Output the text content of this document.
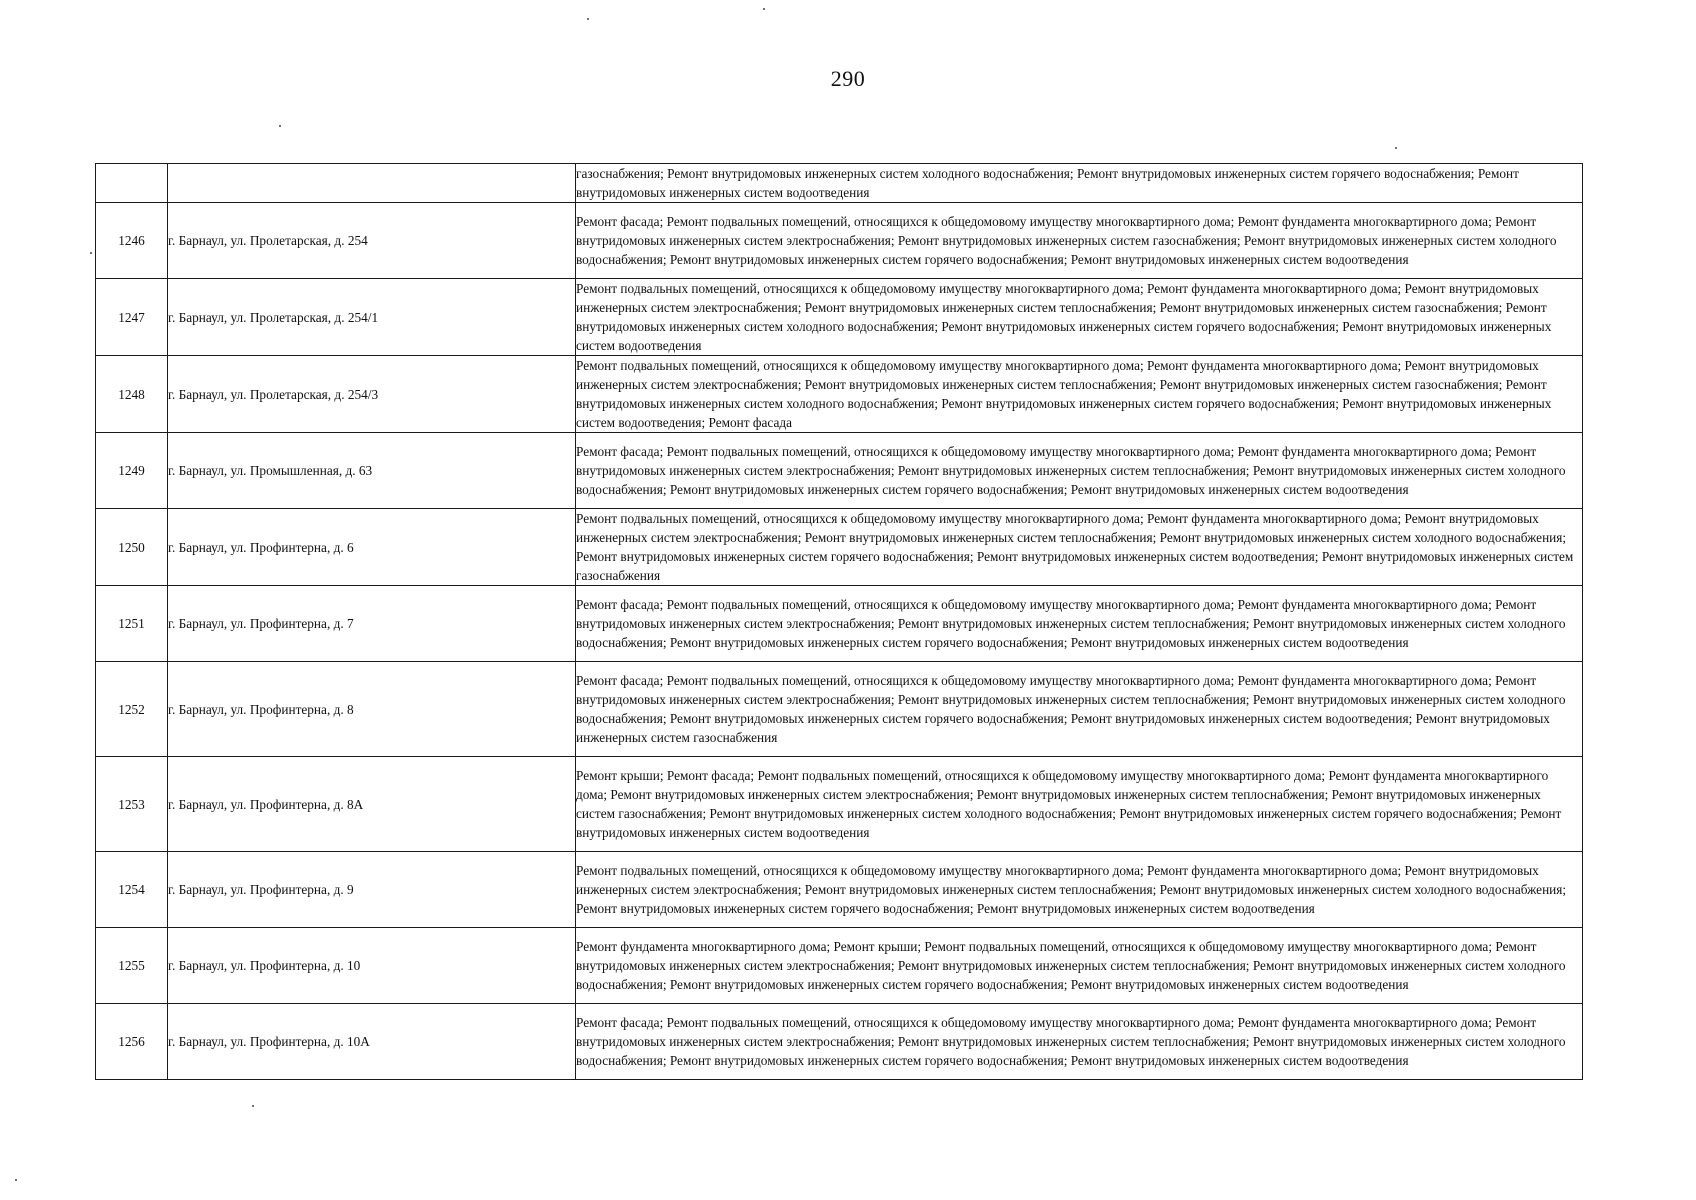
290
		газоснабжения; Ремонт внутридомовых инженерных систем холодного водоснабжения; Ремонт внутридомовых инженерных систем горячего водоснабжения; Ремонт внутридомовых инженерных систем водоотведения
1246	г. Барнаул, ул. Пролетарская, д. 254	Ремонт фасада; Ремонт подвальных помещений, относящихся к общедомовому имуществу многоквартирного дома; Ремонт фундамента многоквартирного дома; Ремонт внутридомовых инженерных систем электроснабжения; Ремонт внутридомовых инженерных систем газоснабжения; Ремонт внутридомовых инженерных систем холодного водоснабжения; Ремонт внутридомовых инженерных систем горячего водоснабжения; Ремонт внутридомовых инженерных систем водоотведения
1247	г. Барнаул, ул. Пролетарская, д. 254/1	Ремонт подвальных помещений, относящихся к общедомовому имуществу многоквартирного дома; Ремонт фундамента многоквартирного дома; Ремонт внутридомовых инженерных систем электроснабжения; Ремонт внутридомовых инженерных систем теплоснабжения; Ремонт внутридомовых инженерных систем газоснабжения; Ремонт внутридомовых инженерных систем холодного водоснабжения; Ремонт внутридомовых инженерных систем горячего водоснабжения; Ремонт внутридомовых инженерных систем водоотведения
1248	г. Барнаул, ул. Пролетарская, д. 254/3	Ремонт подвальных помещений, относящихся к общедомовому имуществу многоквартирного дома; Ремонт фундамента многоквартирного дома; Ремонт внутридомовых инженерных систем электроснабжения; Ремонт внутридомовых инженерных систем теплоснабжения; Ремонт внутридомовых инженерных систем газоснабжения; Ремонт внутридомовых инженерных систем холодного водоснабжения; Ремонт внутридомовых инженерных систем горячего водоснабжения; Ремонт внутридомовых инженерных систем водоотведения; Ремонт фасада
1249	г. Барнаул, ул. Промышленная, д. 63	Ремонт фасада; Ремонт подвальных помещений, относящихся к общедомовому имуществу многоквартирного дома; Ремонт фундамента многоквартирного дома; Ремонт внутридомовых инженерных систем электроснабжения; Ремонт внутридомовых инженерных систем теплоснабжения; Ремонт внутридомовых инженерных систем холодного водоснабжения; Ремонт внутридомовых инженерных систем горячего водоснабжения; Ремонт внутридомовых инженерных систем водоотведения
1250	г. Барнаул, ул. Профинтерна, д. 6	Ремонт подвальных помещений, относящихся к общедомовому имуществу многоквартирного дома; Ремонт фундамента многоквартирного дома; Ремонт внутридомовых инженерных систем электроснабжения; Ремонт внутридомовых инженерных систем теплоснабжения; Ремонт внутридомовых инженерных систем холодного водоснабжения; Ремонт внутридомовых инженерных систем горячего водоснабжения; Ремонт внутридомовых инженерных систем водоотведения; Ремонт внутридомовых инженерных систем газоснабжения
1251	г. Барнаул, ул. Профинтерна, д. 7	Ремонт фасада; Ремонт подвальных помещений, относящихся к общедомовому имуществу многоквартирного дома; Ремонт фундамента многоквартирного дома; Ремонт внутридомовых инженерных систем электроснабжения; Ремонт внутридомовых инженерных систем теплоснабжения; Ремонт внутридомовых инженерных систем холодного водоснабжения; Ремонт внутридомовых инженерных систем горячего водоснабжения; Ремонт внутридомовых инженерных систем водоотведения
1252	г. Барнаул, ул. Профинтерна, д. 8	Ремонт фасада; Ремонт подвальных помещений, относящихся к общедомовому имуществу многоквартирного дома; Ремонт фундамента многоквартирного дома; Ремонт внутридомовых инженерных систем электроснабжения; Ремонт внутридомовых инженерных систем теплоснабжения; Ремонт внутридомовых инженерных систем холодного водоснабжения; Ремонт внутридомовых инженерных систем горячего водоснабжения; Ремонт внутридомовых инженерных систем водоотведения; Ремонт внутридомовых инженерных систем газоснабжения
1253	г. Барнаул, ул. Профинтерна, д. 8А	Ремонт крыши; Ремонт фасада; Ремонт подвальных помещений, относящихся к общедомовому имуществу многоквартирного дома; Ремонт фундамента многоквартирного дома; Ремонт внутридомовых инженерных систем электроснабжения; Ремонт внутридомовых инженерных систем теплоснабжения; Ремонт внутридомовых инженерных систем газоснабжения; Ремонт внутридомовых инженерных систем холодного водоснабжения; Ремонт внутридомовых инженерных систем горячего водоснабжения; Ремонт внутридомовых инженерных систем водоотведения
1254	г. Барнаул, ул. Профинтерна, д. 9	Ремонт подвальных помещений, относящихся к общедомовому имуществу многоквартирного дома; Ремонт фундамента многоквартирного дома; Ремонт внутридомовых инженерных систем электроснабжения; Ремонт внутридомовых инженерных систем теплоснабжения; Ремонт внутридомовых инженерных систем холодного водоснабжения; Ремонт внутридомовых инженерных систем горячего водоснабжения; Ремонт внутридомовых инженерных систем водоотведения
1255	г. Барнаул, ул. Профинтерна, д. 10	Ремонт фундамента многоквартирного дома; Ремонт крыши; Ремонт подвальных помещений, относящихся к общедомовому имуществу многоквартирного дома; Ремонт внутридомовых инженерных систем электроснабжения; Ремонт внутридомовых инженерных систем теплоснабжения; Ремонт внутридомовых инженерных систем холодного водоснабжения; Ремонт внутридомовых инженерных систем горячего водоснабжения; Ремонт внутридомовых инженерных систем водоотведения
1256	г. Барнаул, ул. Профинтерна, д. 10А	Ремонт фасада; Ремонт подвальных помещений, относящихся к общедомовому имуществу многоквартирного дома; Ремонт фундамента многоквартирного дома; Ремонт внутридомовых инженерных систем электроснабжения; Ремонт внутридомовых инженерных систем теплоснабжения; Ремонт внутридомовых инженерных систем холодного водоснабжения; Ремонт внутридомовых инженерных систем горячего водоснабжения; Ремонт внутридомовых инженерных систем водоотведения
